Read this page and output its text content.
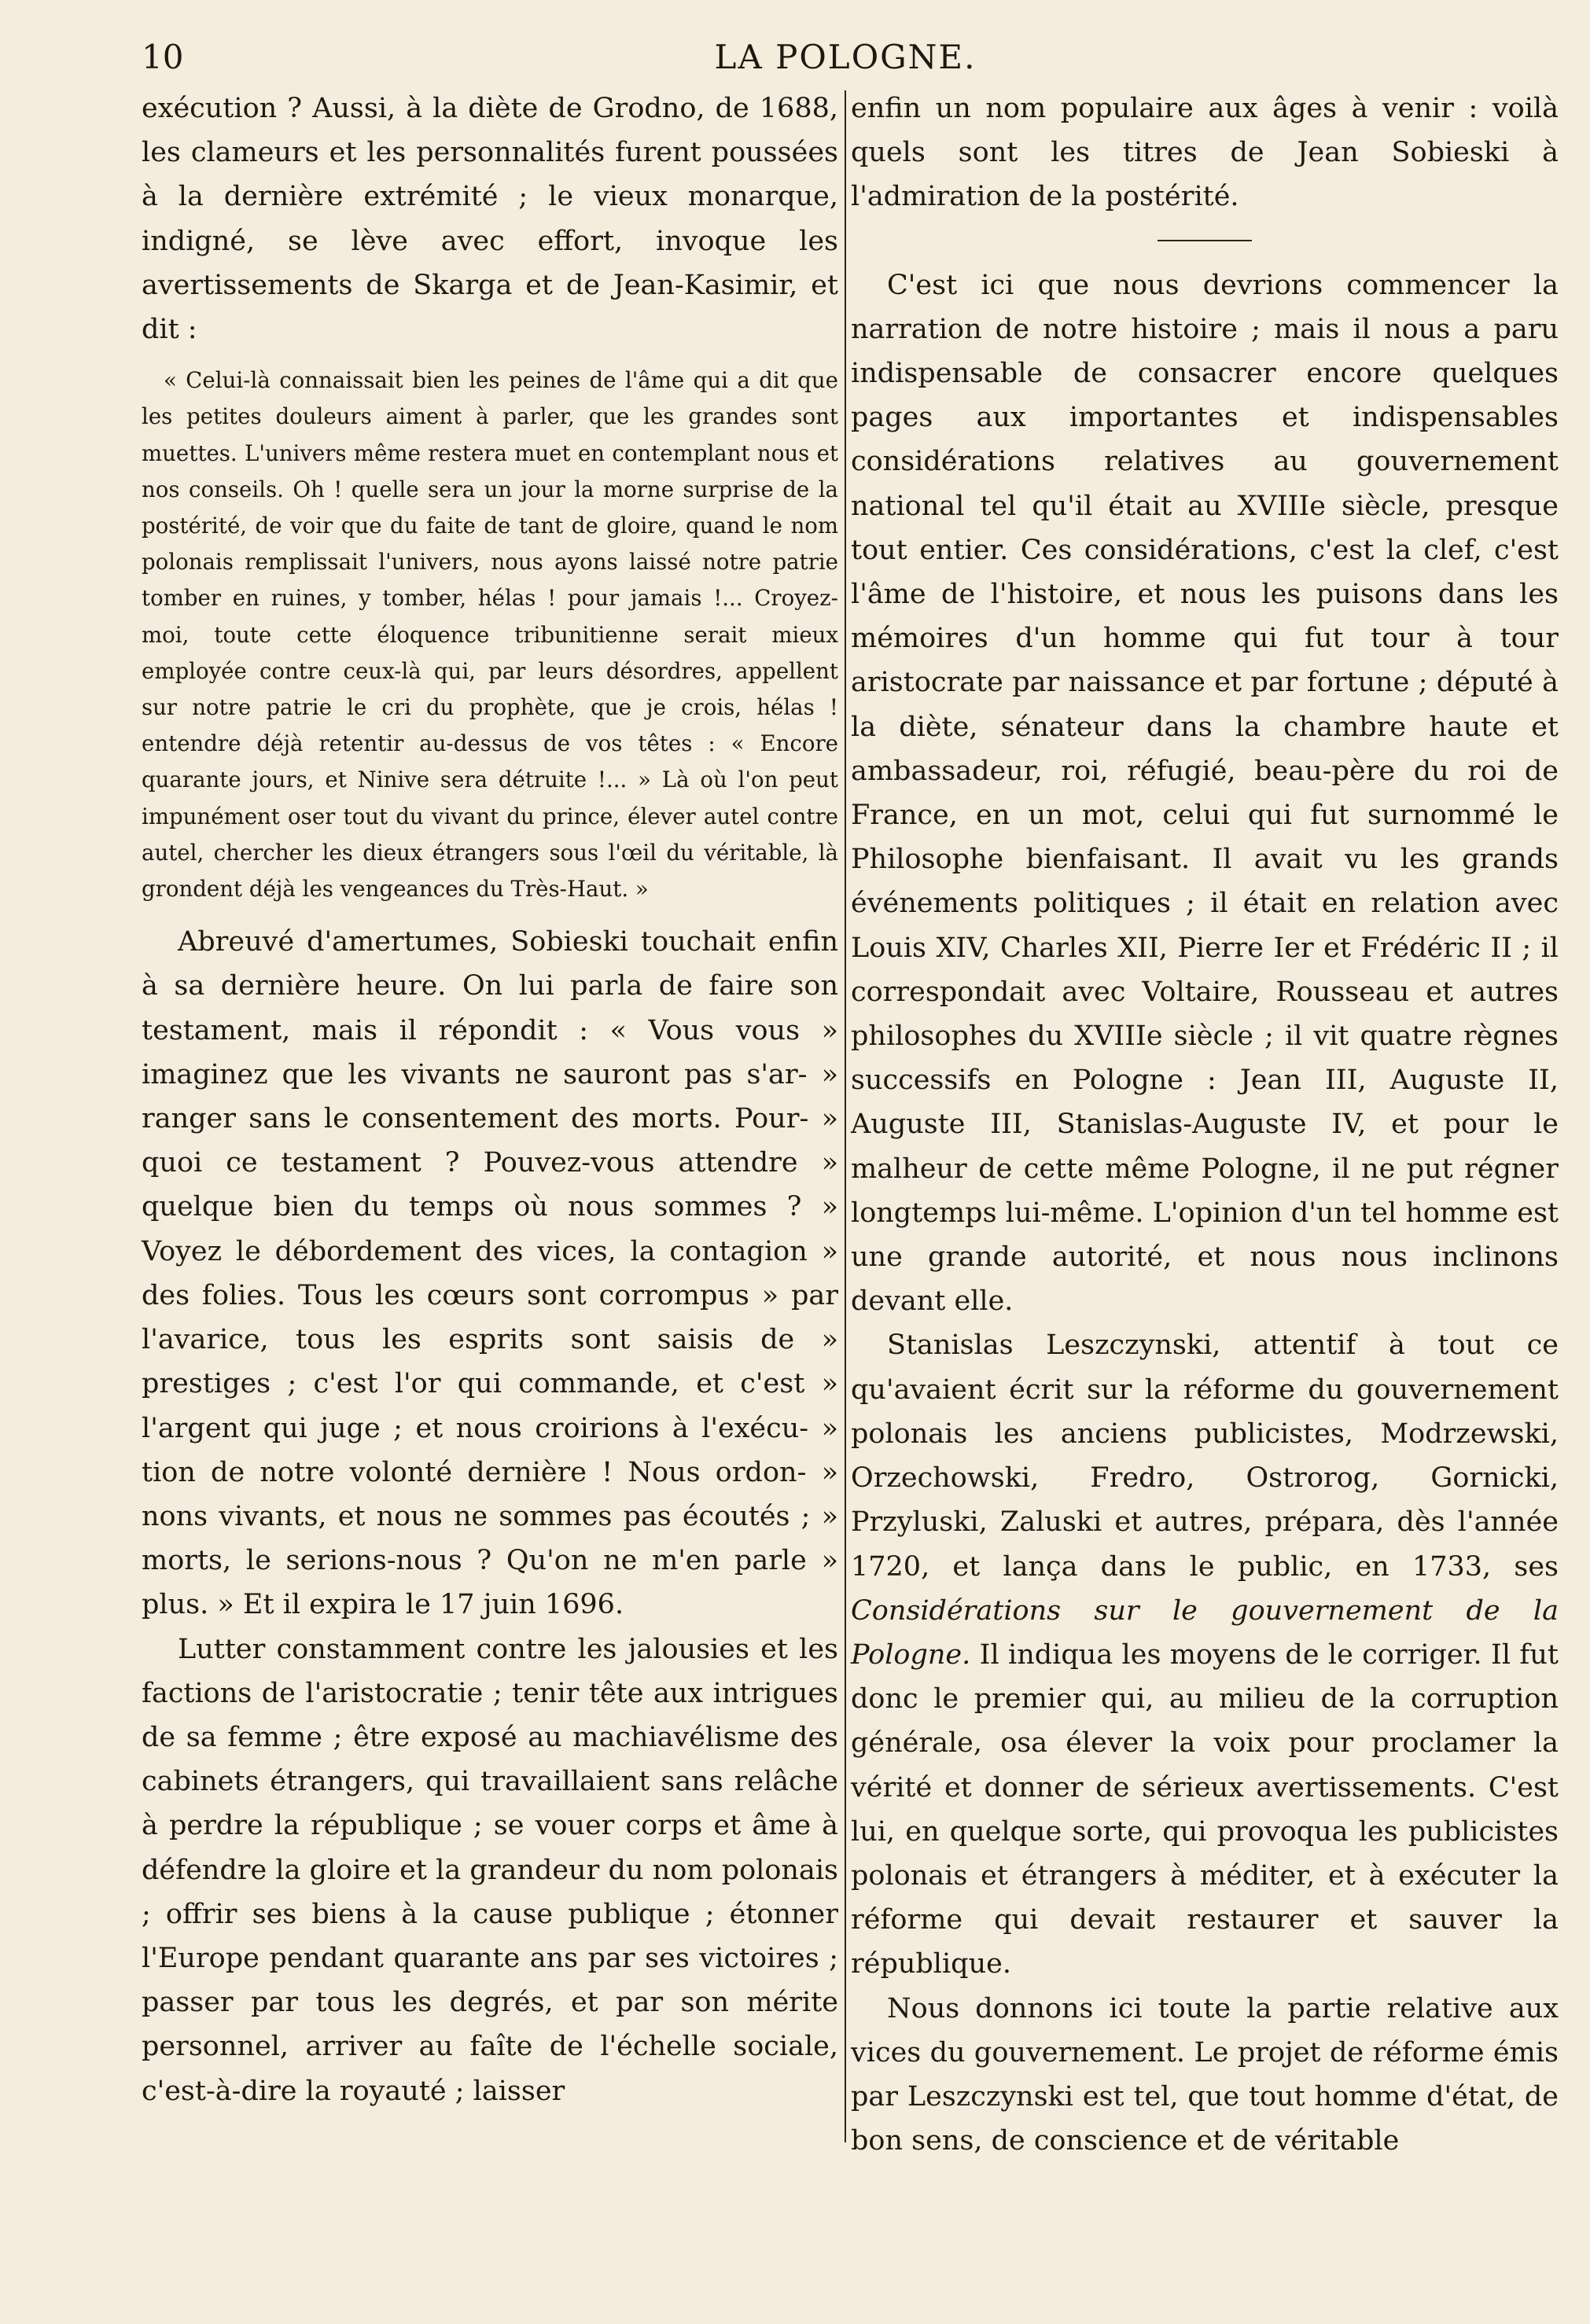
10	LA POLOGNE.

exécution ? Aussi, à la diète de Grodno, de 1688, les clameurs et les personnalités furent poussées à la dernière extrémité ; le vieux monarque, indigné, se lève avec effort, invoque les avertissements de Skarga et de Jean-Kasimir, et dit :

« Celui-là connaissait bien les peines de l'âme qui a dit que les petites douleurs aiment à parler, que les grandes sont muettes. L'univers même restera muet en contemplant nous et nos conseils. Oh ! quelle sera un jour la morne surprise de la postérité, de voir que du faite de tant de gloire, quand le nom polonais remplissait l'univers, nous ayons laissé notre patrie tomber en ruines, y tomber, hélas ! pour jamais !... Croyez-moi, toute cette éloquence tribunitienne serait mieux employée contre ceux-là qui, par leurs désordres, appellent sur notre patrie le cri du prophète, que je crois, hélas ! entendre déjà retentir au-dessus de vos têtes : « Encore quarante jours, et Ninive sera détruite !... » Là où l'on peut impunément oser tout du vivant du prince, élever autel contre autel, chercher les dieux étrangers sous l'œil du véritable, là grondent déjà les vengeances du Très-Haut. »

Abreuvé d'amertumes, Sobieski touchait enfin à sa dernière heure. On lui parla de faire son testament, mais il répondit : « Vous vous » imaginez que les vivants ne sauront pas s'ar- » ranger sans le consentement des morts. Pour- » quoi ce testament ? Pouvez-vous attendre » quelque bien du temps où nous sommes ? » Voyez le débordement des vices, la contagion » des folies. Tous les cœurs sont corrompus » par l'avarice, tous les esprits sont saisis de » prestiges ; c'est l'or qui commande, et c'est » l'argent qui juge ; et nous croirions à l'exécu- » tion de notre volonté dernière ! Nous ordon- » nons vivants, et nous ne sommes pas écoutés ; » morts, le serions-nous ? Qu'on ne m'en parle » plus. » Et il expira le 17 juin 1696.

Lutter constamment contre les jalousies et les factions de l'aristocratie ; tenir tête aux intrigues de sa femme ; être exposé au machiavélisme des cabinets étrangers, qui travaillaient sans relâche à perdre la république ; se vouer corps et âme à défendre la gloire et la grandeur du nom polonais ; offrir ses biens à la cause publique ; étonner l'Europe pendant quarante ans par ses victoires ; passer par tous les degrés, et par son mérite personnel, arriver au faîte de l'échelle sociale, c'est-à-dire la royauté ; laisser

enfin un nom populaire aux âges à venir : voilà quels sont les titres de Jean Sobieski à l'admiration de la postérité.

C'est ici que nous devrions commencer la narration de notre histoire ; mais il nous a paru indispensable de consacrer encore quelques pages aux importantes et indispensables considérations relatives au gouvernement national tel qu'il était au XVIIIe siècle, presque tout entier. Ces considérations, c'est la clef, c'est l'âme de l'histoire, et nous les puisons dans les mémoires d'un homme qui fut tour à tour aristocrate par naissance et par fortune ; député à la diète, sénateur dans la chambre haute et ambassadeur, roi, réfugié, beau-père du roi de France, en un mot, celui qui fut surnommé le Philosophe bienfaisant. Il avait vu les grands événements politiques ; il était en relation avec Louis XIV, Charles XII, Pierre Ier et Frédéric II ; il correspondait avec Voltaire, Rousseau et autres philosophes du XVIIIe siècle ; il vit quatre règnes successifs en Pologne : Jean III, Auguste II, Auguste III, Stanislas-Auguste IV, et pour le malheur de cette même Pologne, il ne put régner longtemps lui-même. L'opinion d'un tel homme est une grande autorité, et nous nous inclinons devant elle.

Stanislas Leszczynski, attentif à tout ce qu'avaient écrit sur la réforme du gouvernement polonais les anciens publicistes, Modrzewski, Orzechowski, Fredro, Ostrorog, Gornicki, Przyluski, Zaluski et autres, prépara, dès l'année 1720, et lança dans le public, en 1733, ses Considérations sur le gouvernement de la Pologne. Il indiqua les moyens de le corriger. Il fut donc le premier qui, au milieu de la corruption générale, osa élever la voix pour proclamer la vérité et donner de sérieux avertissements. C'est lui, en quelque sorte, qui provoqua les publicistes polonais et étrangers à méditer, et à exécuter la réforme qui devait restaurer et sauver la république.

Nous donnons ici toute la partie relative aux vices du gouvernement. Le projet de réforme émis par Leszczynski est tel, que tout homme d'état, de bon sens, de conscience et de véritable
